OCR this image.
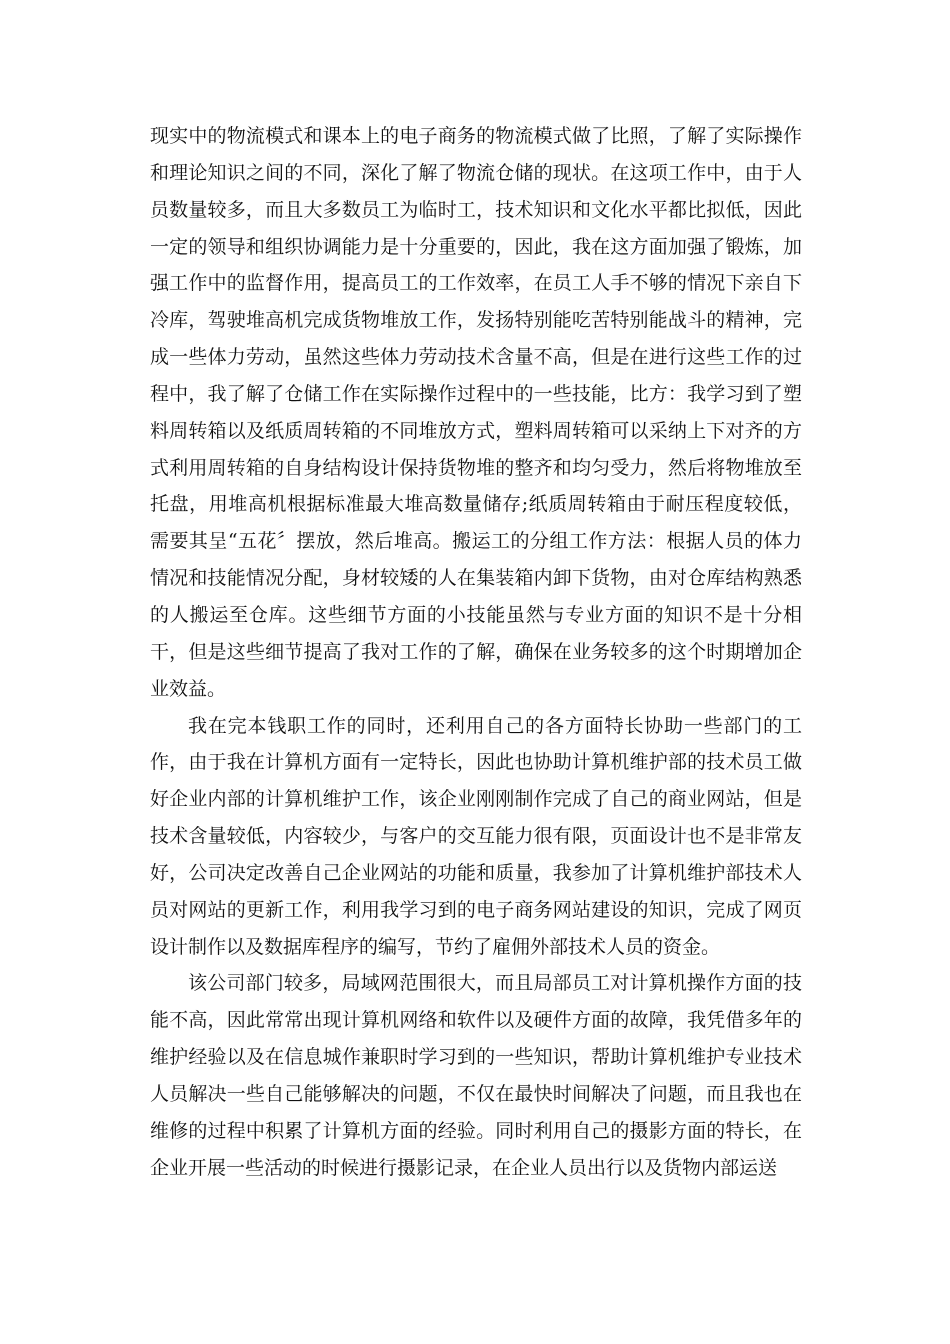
现实中的物流模式和课本上的电子商务的物流模式做了比照，了解了实际操作
和理论知识之间的不同，深化了解了物流仓储的现状。在这项工作中，由于人
员数量较多，而且大多数员工为临时工，技术知识和文化水平都比拟低，因此
一定的领导和组织协调能力是十分重要的，因此，我在这方面加强了锻炼，加
强工作中的监督作用，提高员工的工作效率，在员工人手不够的情况下亲自下
冷库，驾驶堆高机完成货物堆放工作，发扬特别能吃苦特别能战斗的精神，完
成一些体力劳动，虽然这些体力劳动技术含量不高，但是在进行这些工作的过
程中，我了解了仓储工作在实际操作过程中的一些技能，比方：我学习到了塑
料周转箱以及纸质周转箱的不同堆放方式，塑料周转箱可以采纳上下对齐的方
式利用周转箱的自身结构设计保持货物堆的整齐和均匀受力，然后将物堆放至
托盘，用堆高机根据标准最大堆高数量储存;纸质周转箱由于耐压程度较低，
需要其呈“五花〞摆放，然后堆高。搬运工的分组工作方法：根据人员的体力
情况和技能情况分配，身材较矮的人在集装箱内卸下货物，由对仓库结构熟悉
的人搬运至仓库。这些细节方面的小技能虽然与专业方面的知识不是十分相
干，但是这些细节提高了我对工作的了解，确保在业务较多的这个时期增加企
业效益。
我在完本钱职工作的同时，还利用自己的各方面特长协助一些部门的工
作，由于我在计算机方面有一定特长，因此也协助计算机维护部的技术员工做
好企业内部的计算机维护工作，该企业刚刚制作完成了自己的商业网站，但是
技术含量较低，内容较少，与客户的交互能力很有限，页面设计也不是非常友
好，公司决定改善自己企业网站的功能和质量，我参加了计算机维护部技术人
员对网站的更新工作，利用我学习到的电子商务网站建设的知识，完成了网页
设计制作以及数据库程序的编写，节约了雇佣外部技术人员的资金。
该公司部门较多，局域网范围很大，而且局部员工对计算机操作方面的技
能不高，因此常常出现计算机网络和软件以及硬件方面的故障，我凭借多年的
维护经验以及在信息城作兼职时学习到的一些知识，帮助计算机维护专业技术
人员解决一些自己能够解决的问题，不仅在最快时间解决了问题，而且我也在
维修的过程中积累了计算机方面的经验。同时利用自己的摄影方面的特长，在
企业开展一些活动的时候进行摄影记录，在企业人员出行以及货物内部运送
